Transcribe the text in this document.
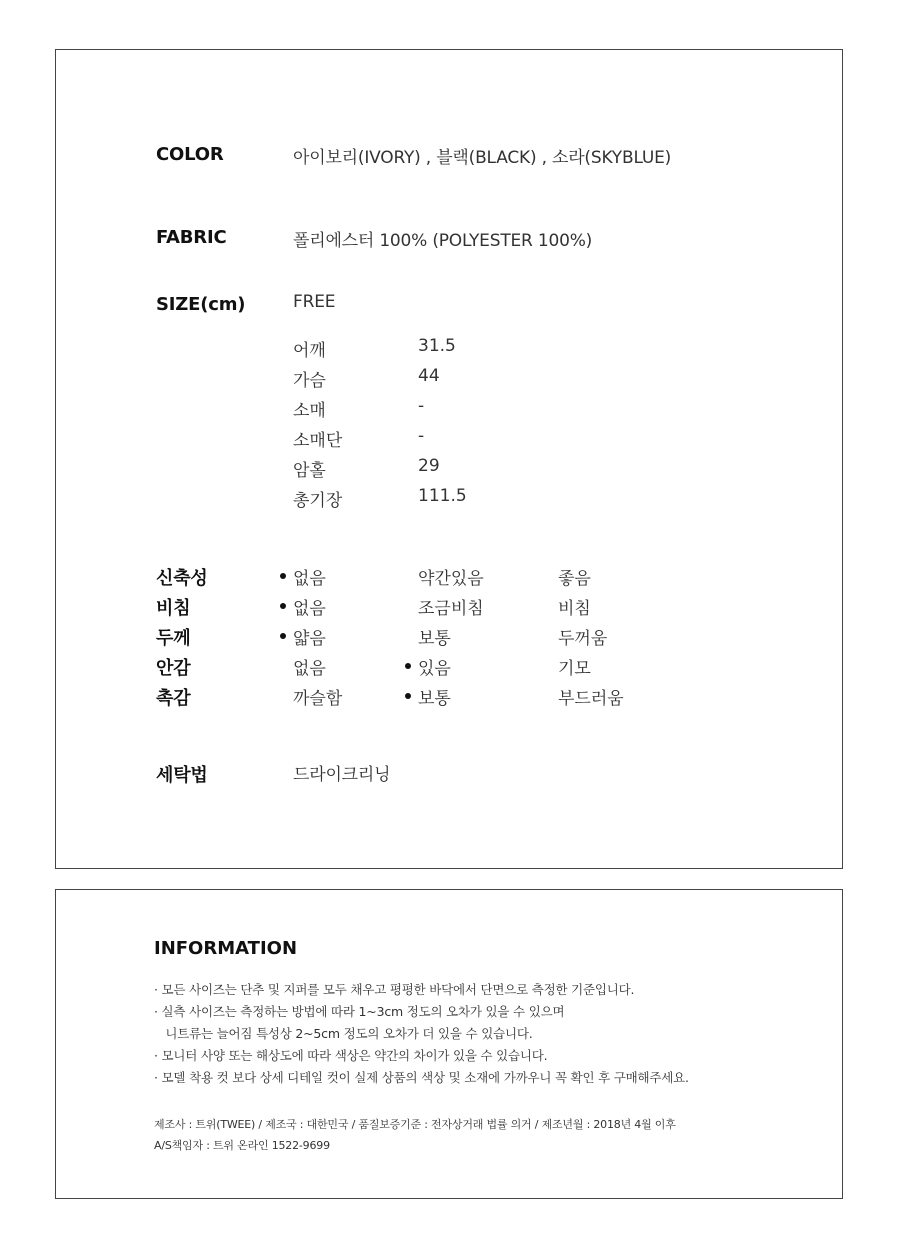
COLOR	아이보리(IVORY) , 블랙(BLACK) , 소라(SKYBLUE)
FABRIC	폴리에스터 100% (POLYESTER 100%)
SIZE(cm)	FREE
어깨	31.5
가슴	44
소매	-
소매단	-
암홀	29
총기장	111.5
신축성	없음	약간있음	좋음
비침	없음	조금비침	비침
두께	얇음	보통	두꺼움
안감	없음	있음	기모
촉감	까슬함	보통	부드러움
세탁법	드라이크리닝
INFORMATION
· 모든 사이즈는 단추 및 지퍼를 모두 채우고 평평한 바닥에서 단면으로 측정한 기준입니다.
· 실측 사이즈는 측정하는 방법에 따라 1~3cm 정도의 오차가 있을 수 있으며
니트류는 늘어짐 특성상 2~5cm 정도의 오차가 더 있을 수 있습니다.
· 모니터 사양 또는 해상도에 따라 색상은 약간의 차이가 있을 수 있습니다.
· 모델 착용 컷 보다 상세 디테일 컷이 실제 상품의 색상 및 소재에 가까우니 꼭 확인 후 구매해주세요.
제조사 : 트위(TWEE) / 제조국 : 대한민국 / 품질보증기준 : 전자상거래 법률 의거 / 제조년월 : 2018년 4월 이후
A/S책임자 : 트위 온라인 1522-9699
